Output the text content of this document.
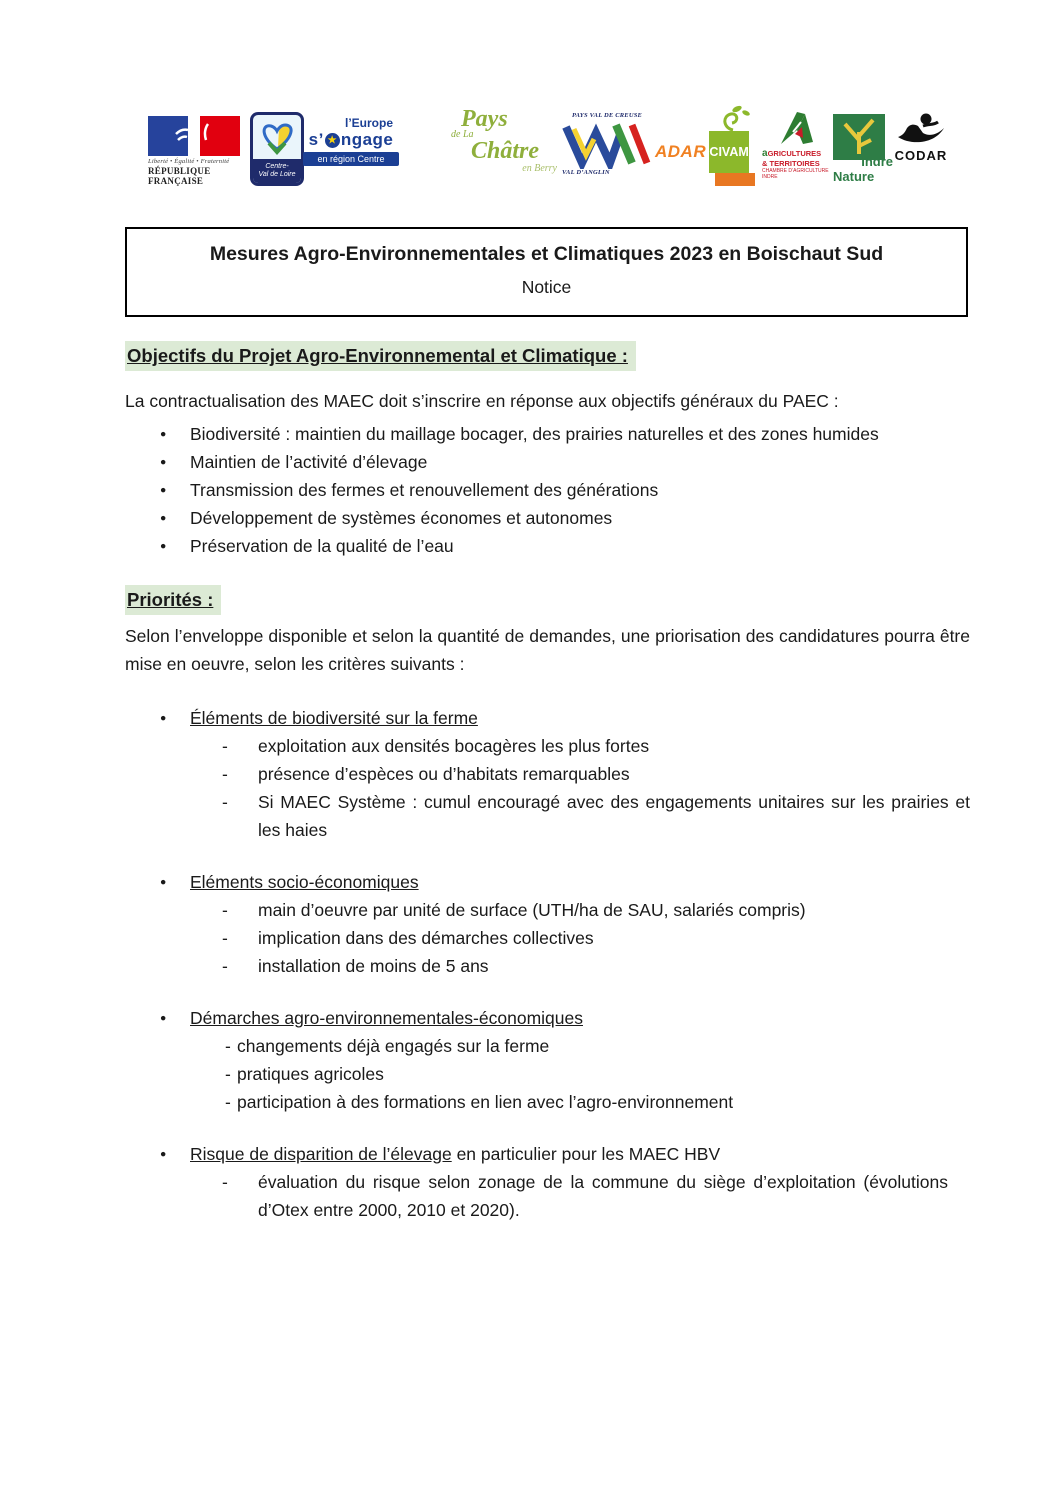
Liberté • Égalité • Fraternité
RÉPUBLIQUE FRANÇAISE
Centre-
Val de Loire
l’Europe
s’ ★ ngage
en région Centre
Pays
de La
Châtre
en Berry
PAYS VAL DE CREUSE
VAL D’ANGLIN
ADAR CIVAM aGRICULTURES
& TERRITOIRES
CHAMBRE D’AGRICULTURE
INDRE
Indre
Nature
CODAR
Mesures Agro-Environnementales et Climatiques 2023 en Boischaut Sud
Notice
Objectifs du Projet Agro-Environnemental et Climatique :

La contractualisation des MAEC doit s’inscrire en réponse aux objectifs généraux du PAEC :

● Biodiversité : maintien du maillage bocager, des prairies naturelles et des zones humides
● Maintien de l’activité d’élevage
● Transmission des fermes et renouvellement des générations
● Développement de systèmes économes et autonomes
● Préservation de la qualité de l’eau
Priorités :

Selon l’enveloppe disponible et selon la quantité de demandes, une priorisation des candidatures pourra être mise en oeuvre, selon les critères suivants :

● Éléments de biodiversité sur la ferme
- exploitation aux densités bocagères les plus fortes
- présence d’espèces ou d’habitats remarquables
- Si MAEC Système : cumul encouragé avec des engagements unitaires sur les prairies et les haies
● Eléments socio-économiques
- main d’oeuvre par unité de surface (UTH/ha de SAU, salariés compris)
- implication dans des démarches collectives
- installation de moins de 5 ans
● Démarches agro-environnementales-économiques
- changements déjà engagés sur la ferme
- pratiques agricoles
- participation à des formations en lien avec l’agro-environnement
● Risque de disparition de l’élevage en particulier pour les MAEC HBV
- évaluation du risque selon zonage de la commune du siège d’exploitation (évolutions d’Otex entre 2000, 2010 et 2020).
